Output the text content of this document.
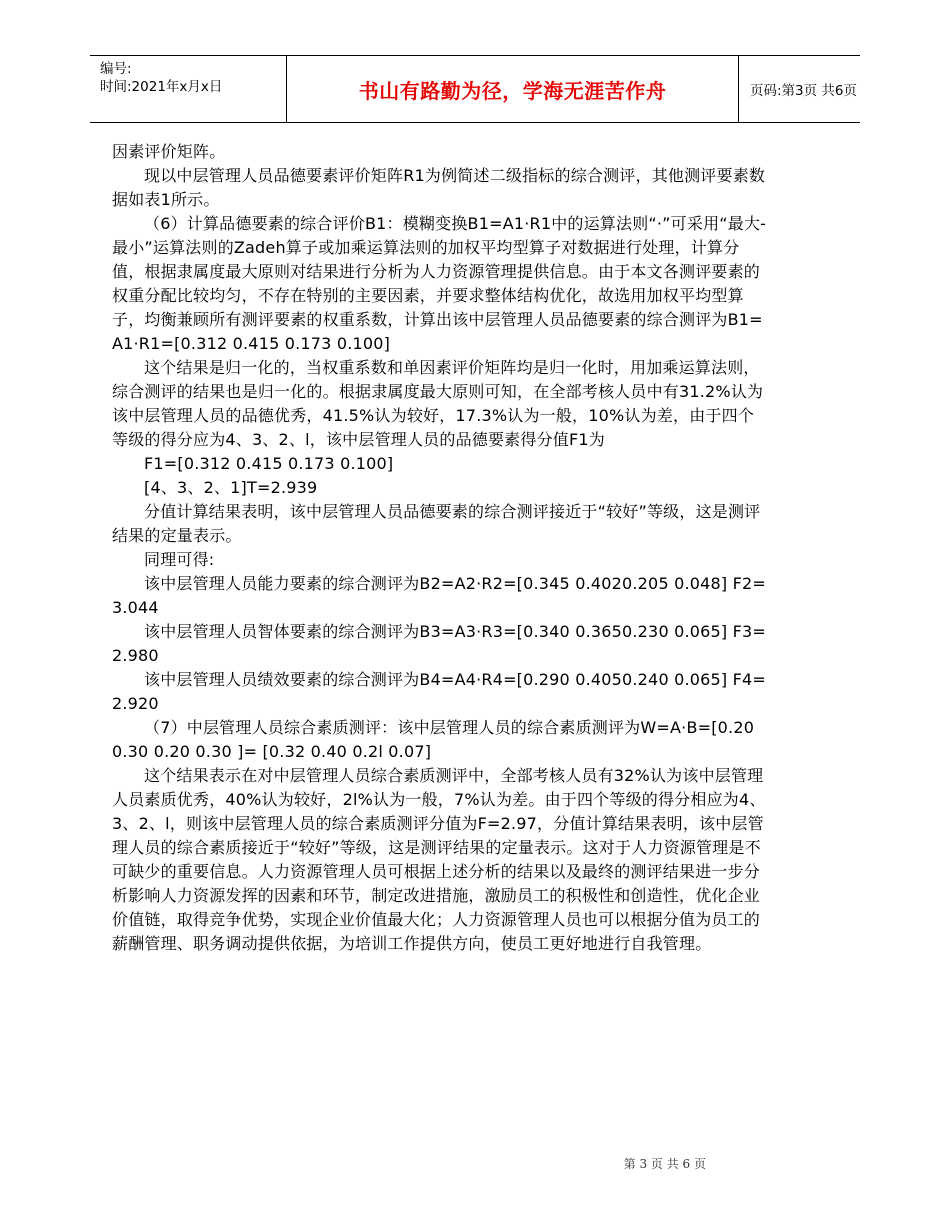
编号:
时间:2021年x月x日	书山有路勤为径，学海无涯苦作舟	页码:第3页 共6页

因素评价矩阵。

现以中层管理人员品德要素评价矩阵R1为例简述二级指标的综合测评，其他测评要素数据如表1所示。

（6）计算品德要素的综合评价B1：模糊变换B1=A1·R1中的运算法则“·”可采用“最大-最小”运算法则的Zadeh算子或加乘运算法则的加权平均型算子对数据进行处理，计算分值，根据隶属度最大原则对结果进行分析为人力资源管理提供信息。由于本文各测评要素的权重分配比较均匀，不存在特别的主要因素，并要求整体结构优化，故选用加权平均型算子，均衡兼顾所有测评要素的权重系数，计算出该中层管理人员品德要素的综合测评为B1=A1·R1=[0.312 0.415 0.173 0.100]

这个结果是归一化的，当权重系数和单因素评价矩阵均是归一化时，用加乘运算法则，综合测评的结果也是归一化的。根据隶属度最大原则可知，在全部考核人员中有31.2%认为该中层管理人员的品德优秀，41.5%认为较好，17.3%认为一般，10%认为差，由于四个等级的得分应为4、3、2、l，该中层管理人员的品德要素得分值F1为

F1=[0.312 0.415 0.173 0.100]

[4、3、2、1]T=2.939

分值计算结果表明，该中层管理人员品德要素的综合测评接近于“较好”等级，这是测评结果的定量表示。

同理可得:

该中层管理人员能力要素的综合测评为B2=A2·R2=[0.345 0.4020.205 0.048] F2=3.044

该中层管理人员智体要素的综合测评为B3=A3·R3=[0.340 0.3650.230 0.065] F3=2.980

该中层管理人员绩效要素的综合测评为B4=A4·R4=[0.290 0.4050.240 0.065] F4=2.920

（7）中层管理人员综合素质测评：该中层管理人员的综合素质测评为W=A·B=[0.20 0.30 0.20 0.30 ]= [0.32 0.40 0.2l 0.07]

这个结果表示在对中层管理人员综合素质测评中，全部考核人员有32%认为该中层管理人员素质优秀，40%认为较好，2l%认为一般，7%认为差。由于四个等级的得分相应为4、3、2、l，则该中层管理人员的综合素质测评分值为F=2.97，分值计算结果表明，该中层管理人员的综合素质接近于“较好”等级，这是测评结果的定量表示。这对于人力资源管理是不可缺少的重要信息。人力资源管理人员可根据上述分析的结果以及最终的测评结果进一步分析影响人力资源发挥的因素和环节，制定改进措施，激励员工的积极性和创造性，优化企业价值链，取得竞争优势，实现企业价值最大化；人力资源管理人员也可以根据分值为员工的薪酬管理、职务调动提供依据，为培训工作提供方向，使员工更好地进行自我管理。

第 3 页 共 6 页
